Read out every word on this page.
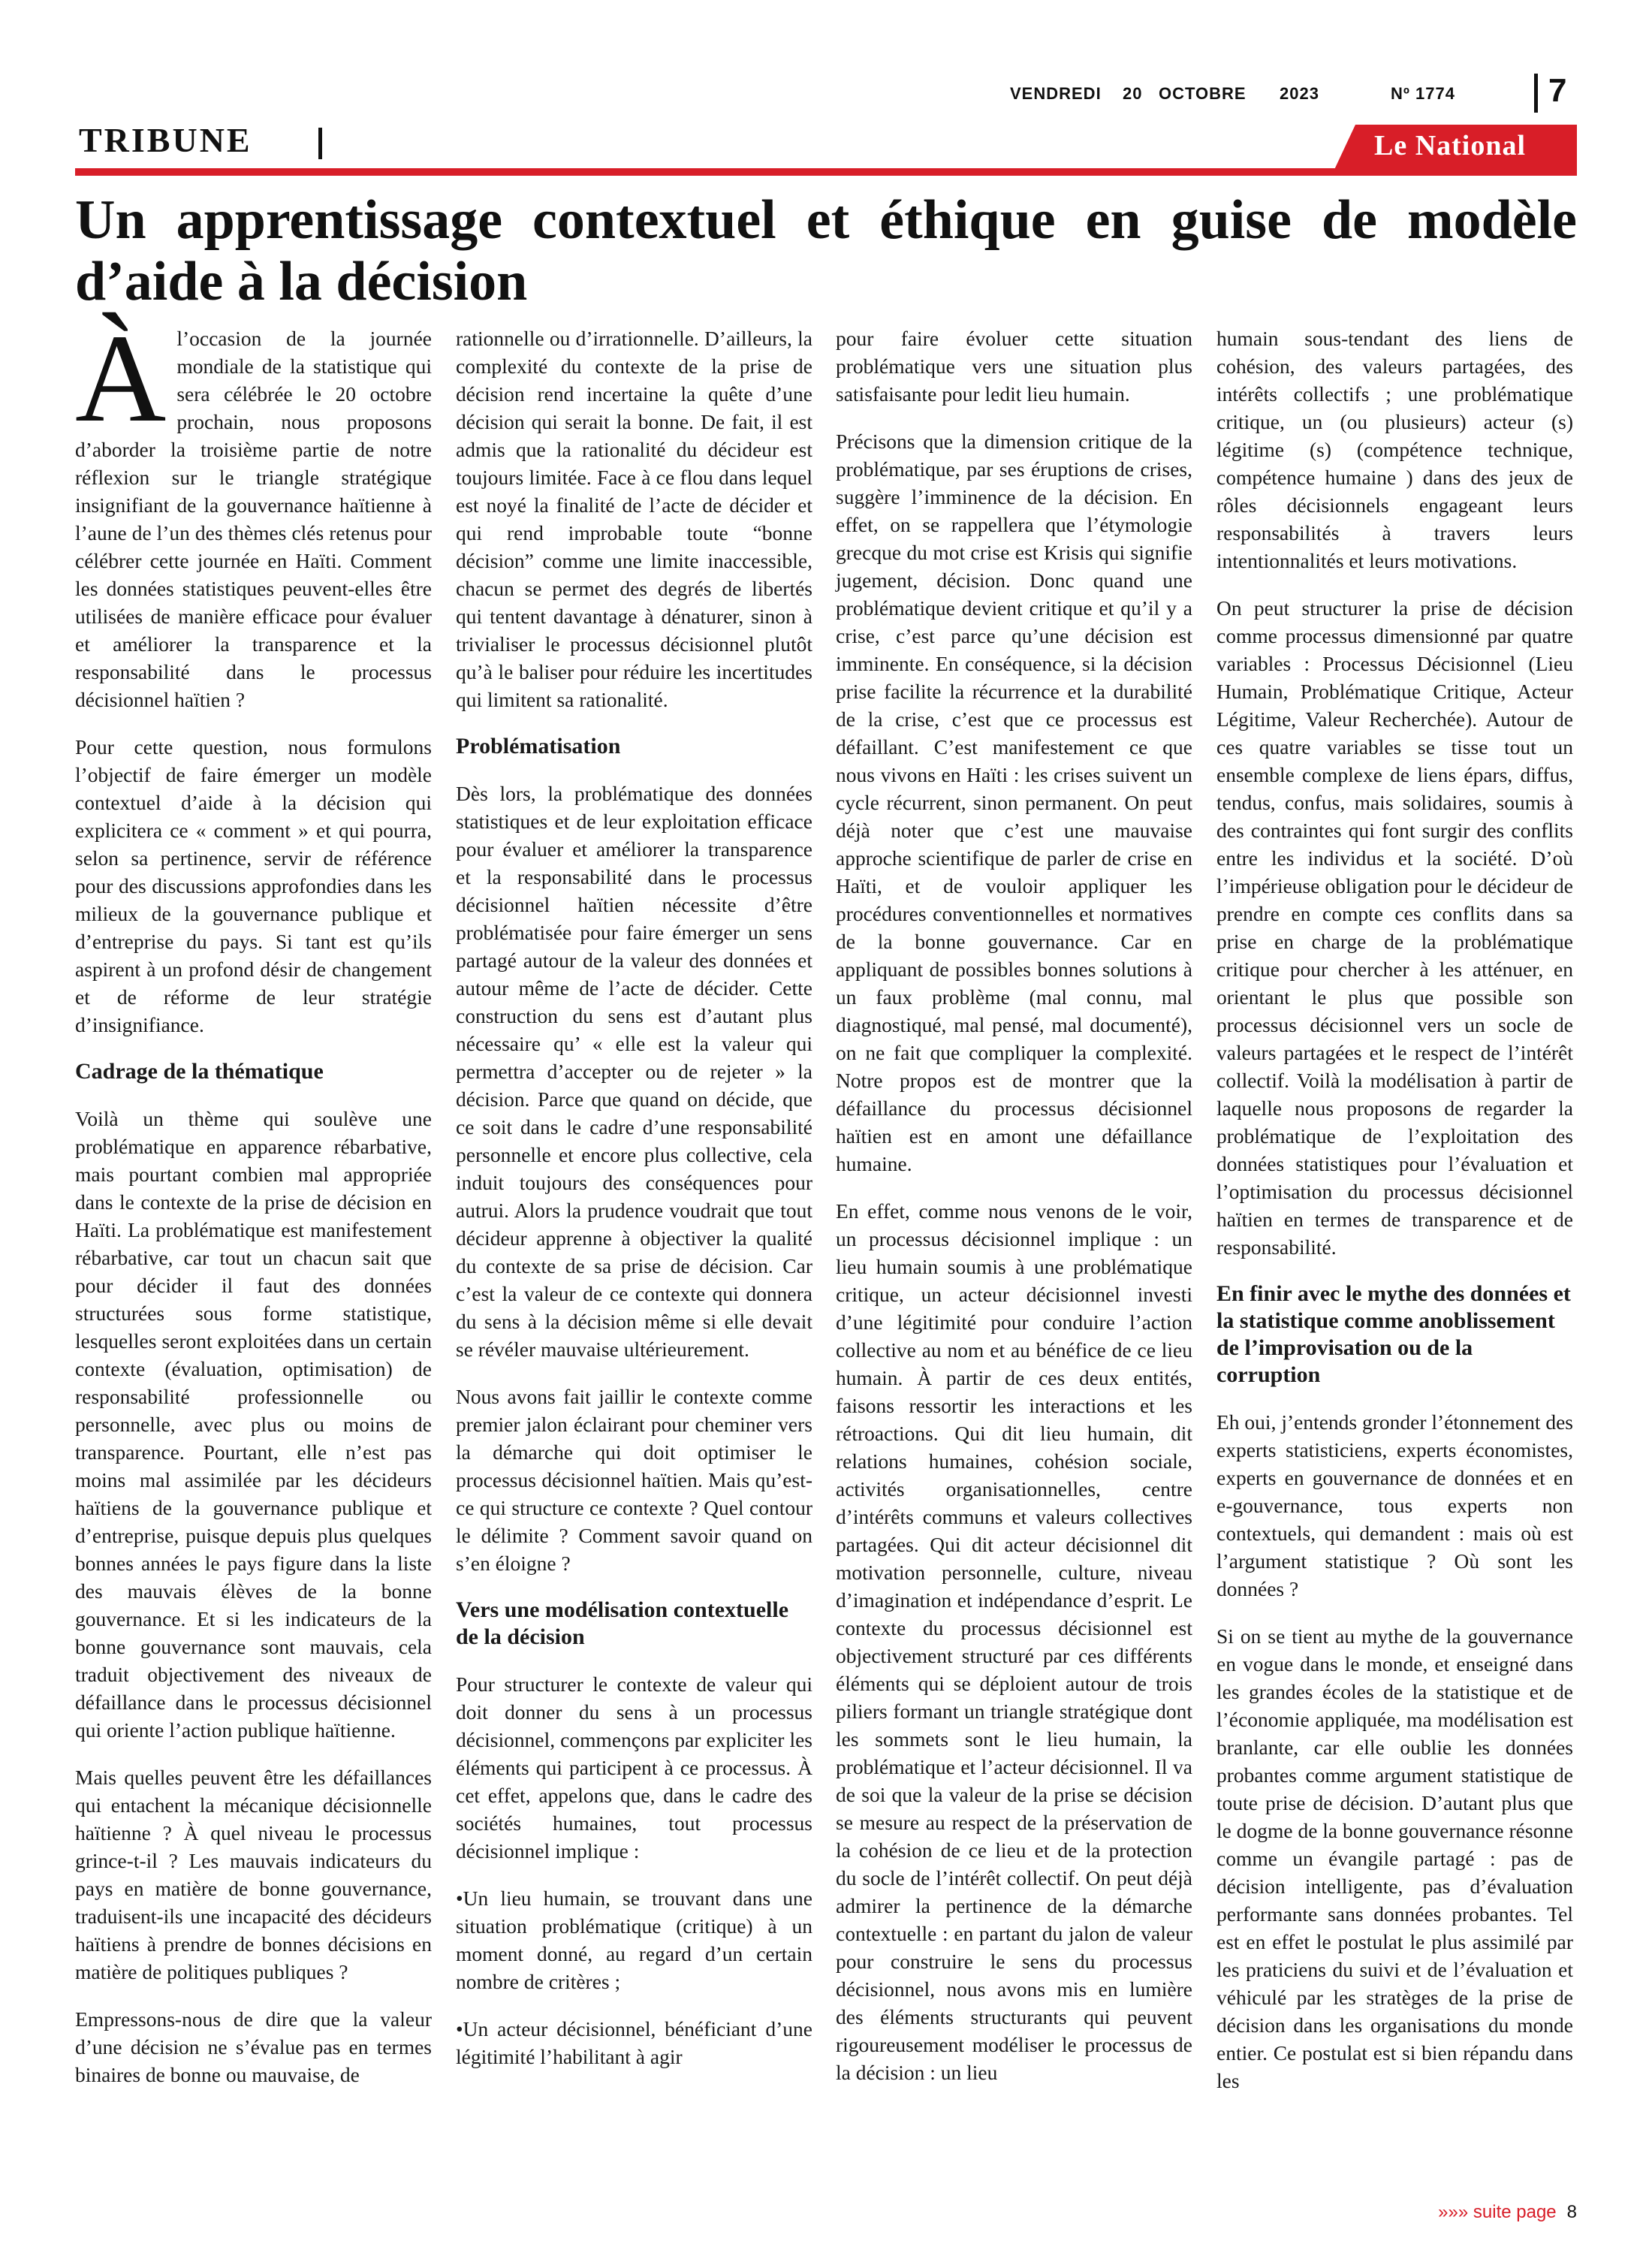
VENDREDI 20 OCTOBRE 2023	Nº 1774	7
TRIBUNE	Le National
Un apprentissage contextuel et éthique en guise de modèle d’aide à la décision

Àl’occasion de la journée mondiale de la statistique qui sera célébrée le 20 octobre prochain, nous proposons d’aborder la troisième partie de notre réflexion sur le triangle stratégique insignifiant de la gouvernance haïtienne à l’aune de l’un des thèmes clés retenus pour célébrer cette journée en Haïti. Comment les données statistiques peuvent-elles être utilisées de manière efficace pour évaluer et améliorer la transparence et la responsabilité dans le processus décisionnel haïtien ?

Pour cette question, nous formulons l’objectif de faire émerger un modèle contextuel d’aide à la décision qui explicitera ce « comment » et qui pourra, selon sa pertinence, servir de référence pour des discussions approfondies dans les milieux de la gouvernance publique et d’entreprise du pays. Si tant est qu’ils aspirent à un profond désir de changement et de réforme de leur stratégie d’insignifiance.

Cadrage de la thématique

Voilà un thème qui soulève une problématique en apparence rébarbative, mais pourtant combien mal appropriée dans le contexte de la prise de décision en Haïti. La problématique est manifestement rébarbative, car tout un chacun sait que pour décider il faut des données structurées sous forme statistique, lesquelles seront exploitées dans un certain contexte (évaluation, optimisation) de responsabilité professionnelle ou personnelle, avec plus ou moins de transparence. Pourtant, elle n’est pas moins mal assimilée par les décideurs haïtiens de la gouvernance publique et d’entreprise, puisque depuis plus quelques bonnes années le pays figure dans la liste des mauvais élèves de la bonne gouvernance. Et si les indicateurs de la bonne gouvernance sont mauvais, cela traduit objectivement des niveaux de défaillance dans le processus décisionnel qui oriente l’action publique haïtienne.

Mais quelles peuvent être les défaillances qui entachent la mécanique décisionnelle haïtienne ? À quel niveau le processus grince-t-il ? Les mauvais indicateurs du pays en matière de bonne gouvernance, traduisent-ils une incapacité des décideurs haïtiens à prendre de bonnes décisions en matière de politiques publiques ?

Empressons-nous de dire que la valeur d’une décision ne s’évalue pas en termes binaires de bonne ou mauvaise, de

rationnelle ou d’irrationnelle. D’ailleurs, la complexité du contexte de la prise de décision rend incertaine la quête d’une décision qui serait la bonne. De fait, il est admis que la rationalité du décideur est toujours limitée. Face à ce flou dans lequel est noyé la finalité de l’acte de décider et qui rend improbable toute “bonne décision” comme une limite inaccessible, chacun se permet des degrés de libertés qui tentent davantage à dénaturer, sinon à trivialiser le processus décisionnel plutôt qu’à le baliser pour réduire les incertitudes qui limitent sa rationalité.

Problématisation

Dès lors, la problématique des données statistiques et de leur exploitation efficace pour évaluer et améliorer la transparence et la responsabilité dans le processus décisionnel haïtien nécessite d’être problématisée pour faire émerger un sens partagé autour de la valeur des données et autour même de l’acte de décider. Cette construction du sens est d’autant plus nécessaire qu’ « elle est la valeur qui permettra d’accepter ou de rejeter » la décision. Parce que quand on décide, que ce soit dans le cadre d’une responsabilité personnelle et encore plus collective, cela induit toujours des conséquences pour autrui. Alors la prudence voudrait que tout décideur apprenne à objectiver la qualité du contexte de sa prise de décision. Car c’est la valeur de ce contexte qui donnera du sens à la décision même si elle devait se révéler mauvaise ultérieurement.

Nous avons fait jaillir le contexte comme premier jalon éclairant pour cheminer vers la démarche qui doit optimiser le processus décisionnel haïtien. Mais qu’est-ce qui structure ce contexte ? Quel contour le délimite ? Comment savoir quand on s’en éloigne ?

Vers une modélisation contextuelle de la décision

Pour structurer le contexte de valeur qui doit donner du sens à un processus décisionnel, commençons par expliciter les éléments qui participent à ce processus. À cet effet, appelons que, dans le cadre des sociétés humaines, tout processus décisionnel implique :

•Un lieu humain, se trouvant dans une situation problématique (critique) à un moment donné, au regard d’un certain nombre de critères ;

•Un acteur décisionnel, bénéficiant d’une légitimité l’habilitant à agir

pour faire évoluer cette situation problématique vers une situation plus satisfaisante pour ledit lieu humain.

Précisons que la dimension critique de la problématique, par ses éruptions de crises, suggère l’imminence de la décision. En effet, on se rappellera que l’étymologie grecque du mot crise est Krisis qui signifie jugement, décision. Donc quand une problématique devient critique et qu’il y a crise, c’est parce qu’une décision est imminente. En conséquence, si la décision prise facilite la récurrence et la durabilité de la crise, c’est que ce processus est défaillant. C’est manifestement ce que nous vivons en Haïti : les crises suivent un cycle récurrent, sinon permanent. On peut déjà noter que c’est une mauvaise approche scientifique de parler de crise en Haïti, et de vouloir appliquer les procédures conventionnelles et normatives de la bonne gouvernance. Car en appliquant de possibles bonnes solutions à un faux problème (mal connu, mal diagnostiqué, mal pensé, mal documenté), on ne fait que compliquer la complexité. Notre propos est de montrer que la défaillance du processus décisionnel haïtien est en amont une défaillance humaine.

En effet, comme nous venons de le voir, un processus décisionnel implique : un lieu humain soumis à une problématique critique, un acteur décisionnel investi d’une légitimité pour conduire l’action collective au nom et au bénéfice de ce lieu humain. À partir de ces deux entités, faisons ressortir les interactions et les rétroactions. Qui dit lieu humain, dit relations humaines, cohésion sociale, activités organisationnelles, centre d’intérêts communs et valeurs collectives partagées. Qui dit acteur décisionnel dit motivation personnelle, culture, niveau d’imagination et indépendance d’esprit. Le contexte du processus décisionnel est objectivement structuré par ces différents éléments qui se déploient autour de trois piliers formant un triangle stratégique dont les sommets sont le lieu humain, la problématique et l’acteur décisionnel. Il va de soi que la valeur de la prise se décision se mesure au respect de la préservation de la cohésion de ce lieu et de la protection du socle de l’intérêt collectif. On peut déjà admirer la pertinence de la démarche contextuelle : en partant du jalon de valeur pour construire le sens du processus décisionnel, nous avons mis en lumière des éléments structurants qui peuvent rigoureusement modéliser le processus de la décision : un lieu

humain sous-tendant des liens de cohésion, des valeurs partagées, des intérêts collectifs ; une problématique critique, un (ou plusieurs) acteur (s) légitime (s) (compétence technique, compétence humaine ) dans des jeux de rôles décisionnels engageant leurs responsabilités à travers leurs intentionnalités et leurs motivations.

On peut structurer la prise de décision comme processus dimensionné par quatre variables : Processus Décisionnel (Lieu Humain, Problématique Critique, Acteur Légitime, Valeur Recherchée). Autour de ces quatre variables se tisse tout un ensemble complexe de liens épars, diffus, tendus, confus, mais solidaires, soumis à des contraintes qui font surgir des conflits entre les individus et la société. D’où l’impérieuse obligation pour le décideur de prendre en compte ces conflits dans sa prise en charge de la problématique critique pour chercher à les atténuer, en orientant le plus que possible son processus décisionnel vers un socle de valeurs partagées et le respect de l’intérêt collectif. Voilà la modélisation à partir de laquelle nous proposons de regarder la problématique de l’exploitation des données statistiques pour l’évaluation et l’optimisation du processus décisionnel haïtien en termes de transparence et de responsabilité.

En finir avec le mythe des données et la statistique comme anoblissement de l’improvisation ou de la corruption

Eh oui, j’entends gronder l’étonnement des experts statisticiens, experts économistes, experts en gouvernance de données et en e-gouvernance, tous experts non contextuels, qui demandent : mais où est l’argument statistique ? Où sont les données ?

Si on se tient au mythe de la gouvernance en vogue dans le monde, et enseigné dans les grandes écoles de la statistique et de l’économie appliquée, ma modélisation est branlante, car elle oublie les données probantes comme argument statistique de toute prise de décision. D’autant plus que le dogme de la bonne gouvernance résonne comme un évangile partagé : pas de décision intelligente, pas d’évaluation performante sans données probantes. Tel est en effet le postulat le plus assimilé par les praticiens du suivi et de l’évaluation et véhiculé par les stratèges de la prise de décision dans les organisations du monde entier. Ce postulat est si bien répandu dans les

»»» suite page 8
